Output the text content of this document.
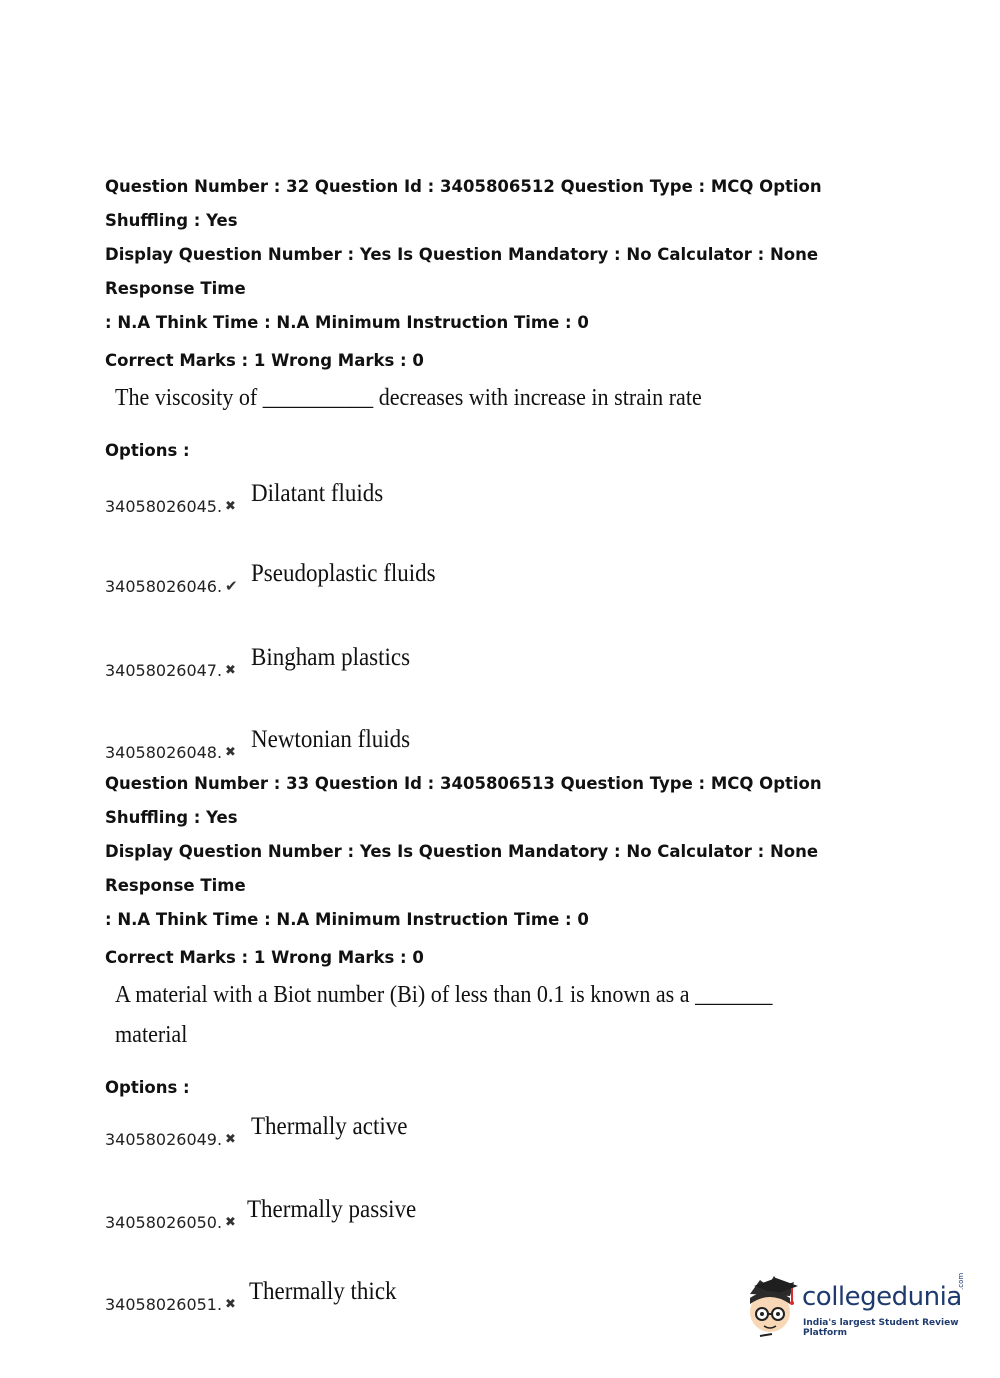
Question Number : 32 Question Id : 3405806512 Question Type : MCQ Option Shuffling : Yes

Display Question Number : Yes Is Question Mandatory : No Calculator : None Response Time

: N.A Think Time : N.A Minimum Instruction Time : 0

Correct Marks : 1 Wrong Marks : 0

The viscosity of __________ decreases with increase in strain rate

Options :
34058026045. ✖ Dilatant fluids
34058026046. ✔ Pseudoplastic fluids
34058026047. ✖ Bingham plastics
34058026048. ✖ Newtonian fluids

Question Number : 33 Question Id : 3405806513 Question Type : MCQ Option Shuffling : Yes

Display Question Number : Yes Is Question Mandatory : No Calculator : None Response Time

: N.A Think Time : N.A Minimum Instruction Time : 0

Correct Marks : 1 Wrong Marks : 0

A material with a Biot number (Bi) of less than 0.1 is known as a _______

material

Options :
34058026049. ✖ Thermally active
34058026050. ✖ Thermally passive
34058026051. ✖ Thermally thick	collegedunia
.com
India's largest Student Review Platform
